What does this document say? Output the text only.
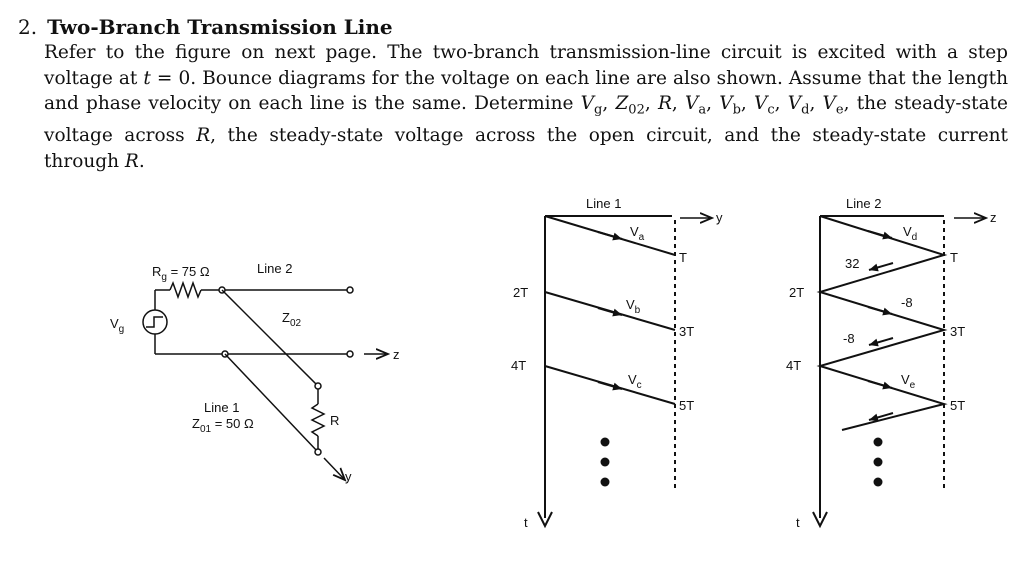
2. Two-Branch Transmission Line
Refer to the figure on next page. The two-branch transmission-line circuit is excited with a step voltage at t = 0. Bounce diagrams for the voltage on each line are also shown. Assume that the length and phase velocity on each line is the same. Determine $V_g$, $Z_{02}$, R, $V_a$, $V_b$, $V_c$, $V_d$, $V_e$, the steady-state voltage across R, the steady-state voltage across the open circuit, and the steady-state current through R.
$V_g$
$R_g = 75$ Ω	Line 2
$Z_{02}$
z
R
y
Line 1
$Z_{01} = 50$ Ω
Line 1
y
t
$V_a$
$V_b$
$V_c$
2T
4T
T
3T
5T
Line 2
z
t
$V_d$
$V_e$
32
-8
-8
2T
4T
T
3T
5T
